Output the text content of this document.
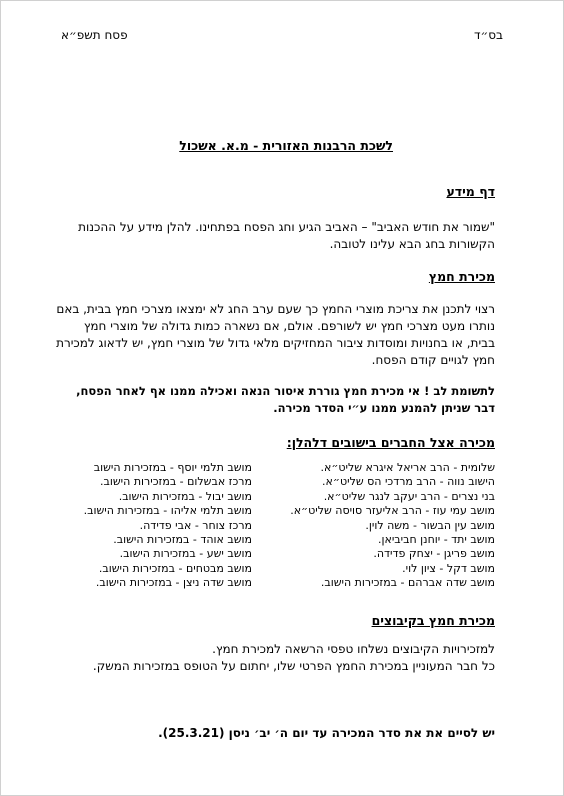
בס״ד
פסח תשפ״א
לשכת הרבנות האזורית - מ.א. אשכול
דף מידע
"שמור את חודש האביב" – האביב הגיע וחג הפסח בפתחינו. להלן מידע על ההכנות הקשורות בחג הבא עלינו לטובה.
מכירת חמץ
רצוי לתכנן את צריכת מוצרי החמץ כך שעם ערב החג לא ימצאו מצרכי חמץ בבית, באם נותרו מעט מצרכי חמץ יש לשורפם. אולם, אם נשארה כמות גדולה של מוצרי חמץ בבית, או בחנויות ומוסדות ציבור המחזיקים מלאי גדול של מוצרי חמץ, יש לדאוג למכירת חמץ לגויים קודם הפסח.
לתשומת לב ! אי מכירת חמץ גוררת איסור הנאה ואכילה ממנו אף לאחר הפסח, דבר שניתן להמנע ממנו ע״י הסדר מכירה.
מכירה אצל החברים בישובים דלהלן:
שלומית - הרב אריאל איגרא שליט״א.
הישוב נווה - הרב מרדכי הס שליט״א.
בני נצרים - הרב יעקב לנגר שליט״א.
מושב עמי עוז - הרב אליעזר סויסה שליט״א.
מושב עין הבשור - משה לוין.
מושב יתד - יוחנן חביביאן.
מושב פריגן - יצחק פדידה.
מושב דקל - ציון לוי.
מושב שדה אברהם - במזכירות הישוב.
מושב תלמי יוסף - במזכירות הישוב
מרכז אבשלום - במזכירות הישוב.
מושב יבול - במזכירות הישוב.
מושב תלמי אליהו - במזכירות הישוב.
מרכז צוחר - אבי פדידה.
מושב אוהד - במזכירות הישוב.
מושב ישע - במזכירות הישוב.
מושב מבטחים - במזכירות הישוב.
מושב שדה ניצן - במזכירות הישוב.
מכירת חמץ בקיבוצים
למזכירויות הקיבוצים נשלחו טפסי הרשאה למכירת חמץ.
כל חבר המעוניין במכירת החמץ הפרטי שלו, יחתום על הטופס במזכירות המשק.
יש לסיים את את סדר המכירה עד יום ה׳ יב׳ ניסן (25.3.21).
